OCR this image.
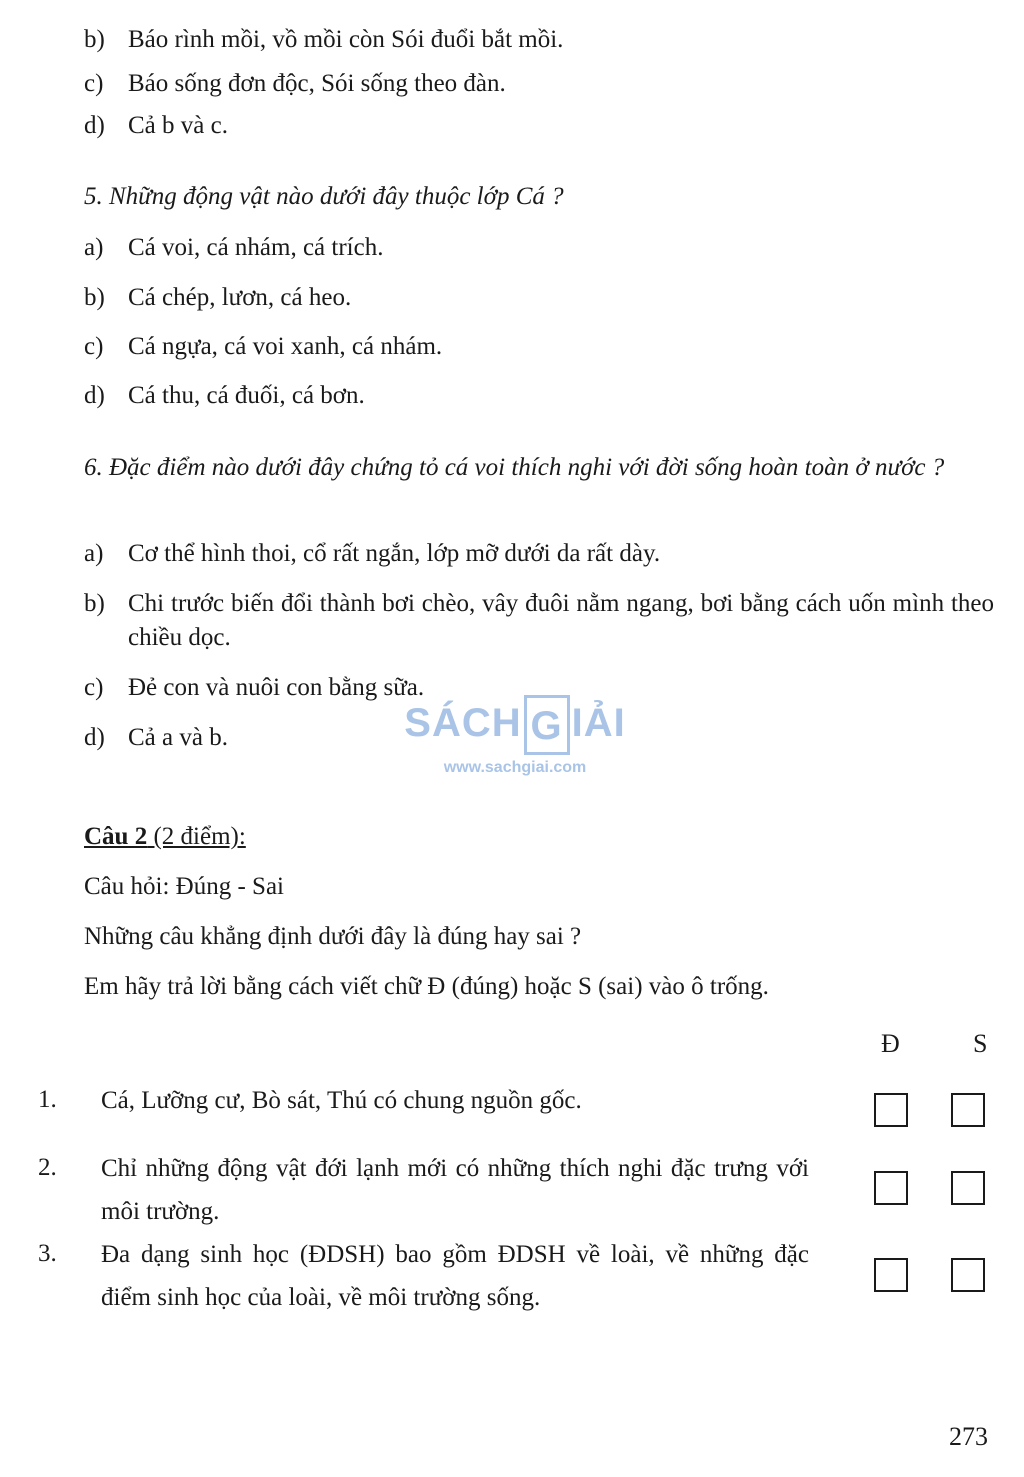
b) Báo rình mồi, vồ mồi còn Sói đuổi bắt mồi.
c) Báo sống đơn độc, Sói sống theo đàn.
d) Cả b và c.
5. Những động vật nào dưới đây thuộc lớp Cá ?
a) Cá voi, cá nhám, cá trích.
b) Cá chép, lươn, cá heo.
c) Cá ngựa, cá voi xanh, cá nhám.
d) Cá thu, cá đuối, cá bơn.
6. Đặc điểm nào dưới đây chứng tỏ cá voi thích nghi với đời sống hoàn toàn ở nước ?
a) Cơ thể hình thoi, cổ rất ngắn, lớp mỡ dưới da rất dày.
b) Chi trước biến đổi thành bơi chèo, vây đuôi nằm ngang, bơi bằng cách uốn mình theo chiều dọc.
c) Đẻ con và nuôi con bằng sữa.
d) Cả a và b.	SÁCH G IẢI
www.sachgiai.com
Câu 2 (2 điểm):
Câu hỏi: Đúng - Sai
Những câu khẳng định dưới đây là đúng hay sai ?
Em hãy trả lời bằng cách viết chữ Đ (đúng) hoặc S (sai) vào ô trống.
Đ	S
1. Cá, Lưỡng cư, Bò sát, Thú có chung nguồn gốc.
2. Chỉ những động vật đới lạnh mới có những thích nghi đặc trưng với môi trường.
3. Đa dạng sinh học (ĐDSH) bao gồm ĐDSH về loài, về những đặc điểm sinh học của loài, về môi trường sống.
273
